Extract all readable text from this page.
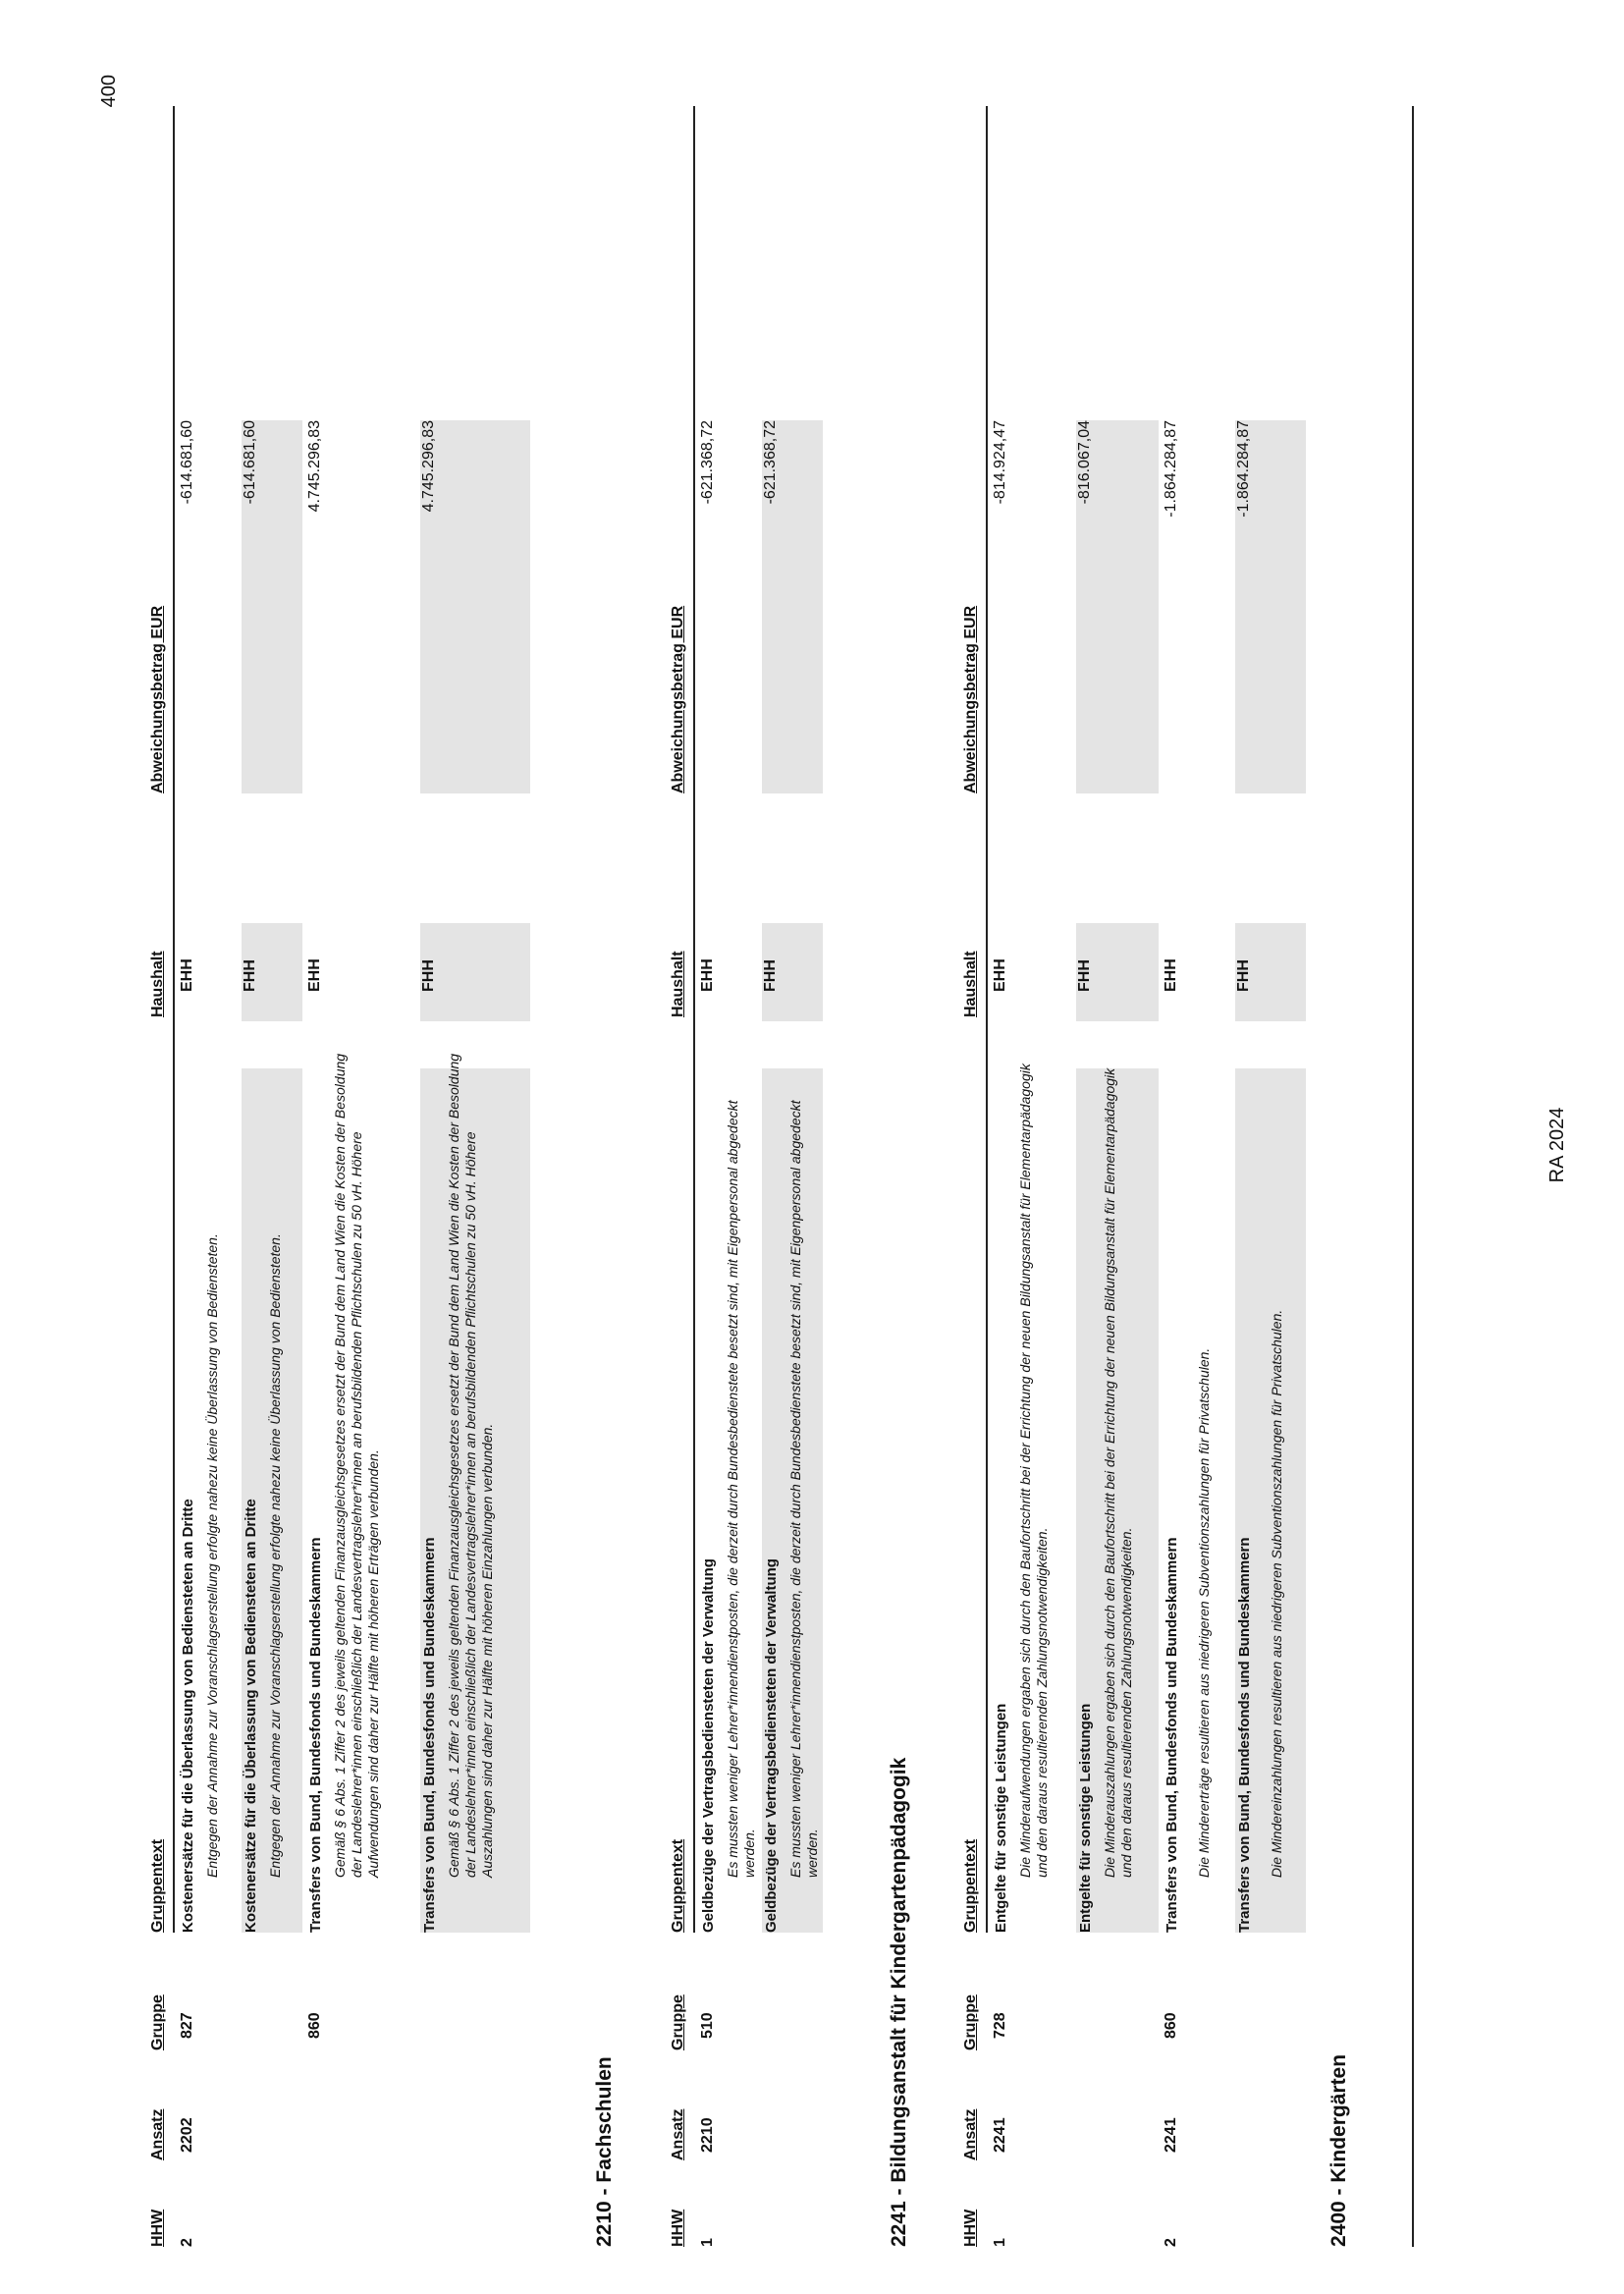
400
RA 2024
HHW
Ansatz
Gruppe
Gruppentext
Haushalt
Abweichungsbetrag EUR
2
2202
827
Kostenersätze für die Überlassung von Bediensteten an Dritte Entgegen der Annahme zur Voranschlagserstellung erfolgte nahezu keine Überlassung von Bediensteten.
EHH
-614.681,60
Kostenersätze für die Überlassung von Bediensteten an Dritte Entgegen der Annahme zur Voranschlagserstellung erfolgte nahezu keine Überlassung von Bediensteten.
FHH
-614.681,60
860
Transfers von Bund, Bundesfonds und Bundeskammern Gemäß § 6 Abs. 1 Ziffer 2 des jeweils geltenden Finanzausgleichsgesetzes ersetzt der Bund dem Land Wien die Kosten der Besoldung der Landeslehrer*innen einschließlich der Landesvertragslehrer*innen an berufsbildenden Pflichtschulen zu 50 vH. Höhere Aufwendungen sind daher zur Hälfte mit höheren Erträgen verbunden.
EHH
4.745.296,83
Transfers von Bund, Bundesfonds und Bundeskammern Gemäß § 6 Abs. 1 Ziffer 2 des jeweils geltenden Finanzausgleichsgesetzes ersetzt der Bund dem Land Wien die Kosten der Besoldung der Landeslehrer*innen einschließlich der Landesvertragslehrer*innen an berufsbildenden Pflichtschulen zu 50 vH. Höhere Auszahlungen sind daher zur Hälfte mit höheren Einzahlungen verbunden.
FHH
4.745.296,83
2210 - Fachschulen	HHW
Ansatz
Gruppe
Gruppentext
Haushalt
Abweichungsbetrag EUR
1
2210
510
Geldbezüge der Vertragsbediensteten der Verwaltung Es mussten weniger Lehrer*innendienstposten, die derzeit durch Bundesbedienstete besetzt sind, mit Eigenpersonal abgedeckt werden.
EHH
-621.368,72
Geldbezüge der Vertragsbediensteten der Verwaltung Es mussten weniger Lehrer*innendienstposten, die derzeit durch Bundesbedienstete besetzt sind, mit Eigenpersonal abgedeckt werden.
FHH
-621.368,72
2241 - Bildungsanstalt für Kindergartenpädagogik	HHW
Ansatz
Gruppe
Gruppentext
Haushalt
Abweichungsbetrag EUR
1
2241
728
Entgelte für sonstige Leistungen Die Minderaufwendungen ergaben sich durch den Baufortschritt bei der Errichtung der neuen Bildungsanstalt für Elementarpädagogik und den daraus resultierenden Zahlungsnotwendigkeiten.
EHH
-814.924,47
Entgelte für sonstige Leistungen Die Minderauszahlungen ergaben sich durch den Baufortschritt bei der Errichtung der neuen Bildungsanstalt für Elementarpädagogik und den daraus resultierenden Zahlungsnotwendigkeiten.
FHH
-816.067,04
2
2241
860
Transfers von Bund, Bundesfonds und Bundeskammern Die Mindererträge resultieren aus niedrigeren Subventionszahlungen für Privatschulen.
EHH
-1.864.284,87
Transfers von Bund, Bundesfonds und Bundeskammern Die Mindereinzahlungen resultieren aus niedrigeren Subventionszahlungen für Privatschulen.
FHH
-1.864.284,87
2400 - Kindergärten
